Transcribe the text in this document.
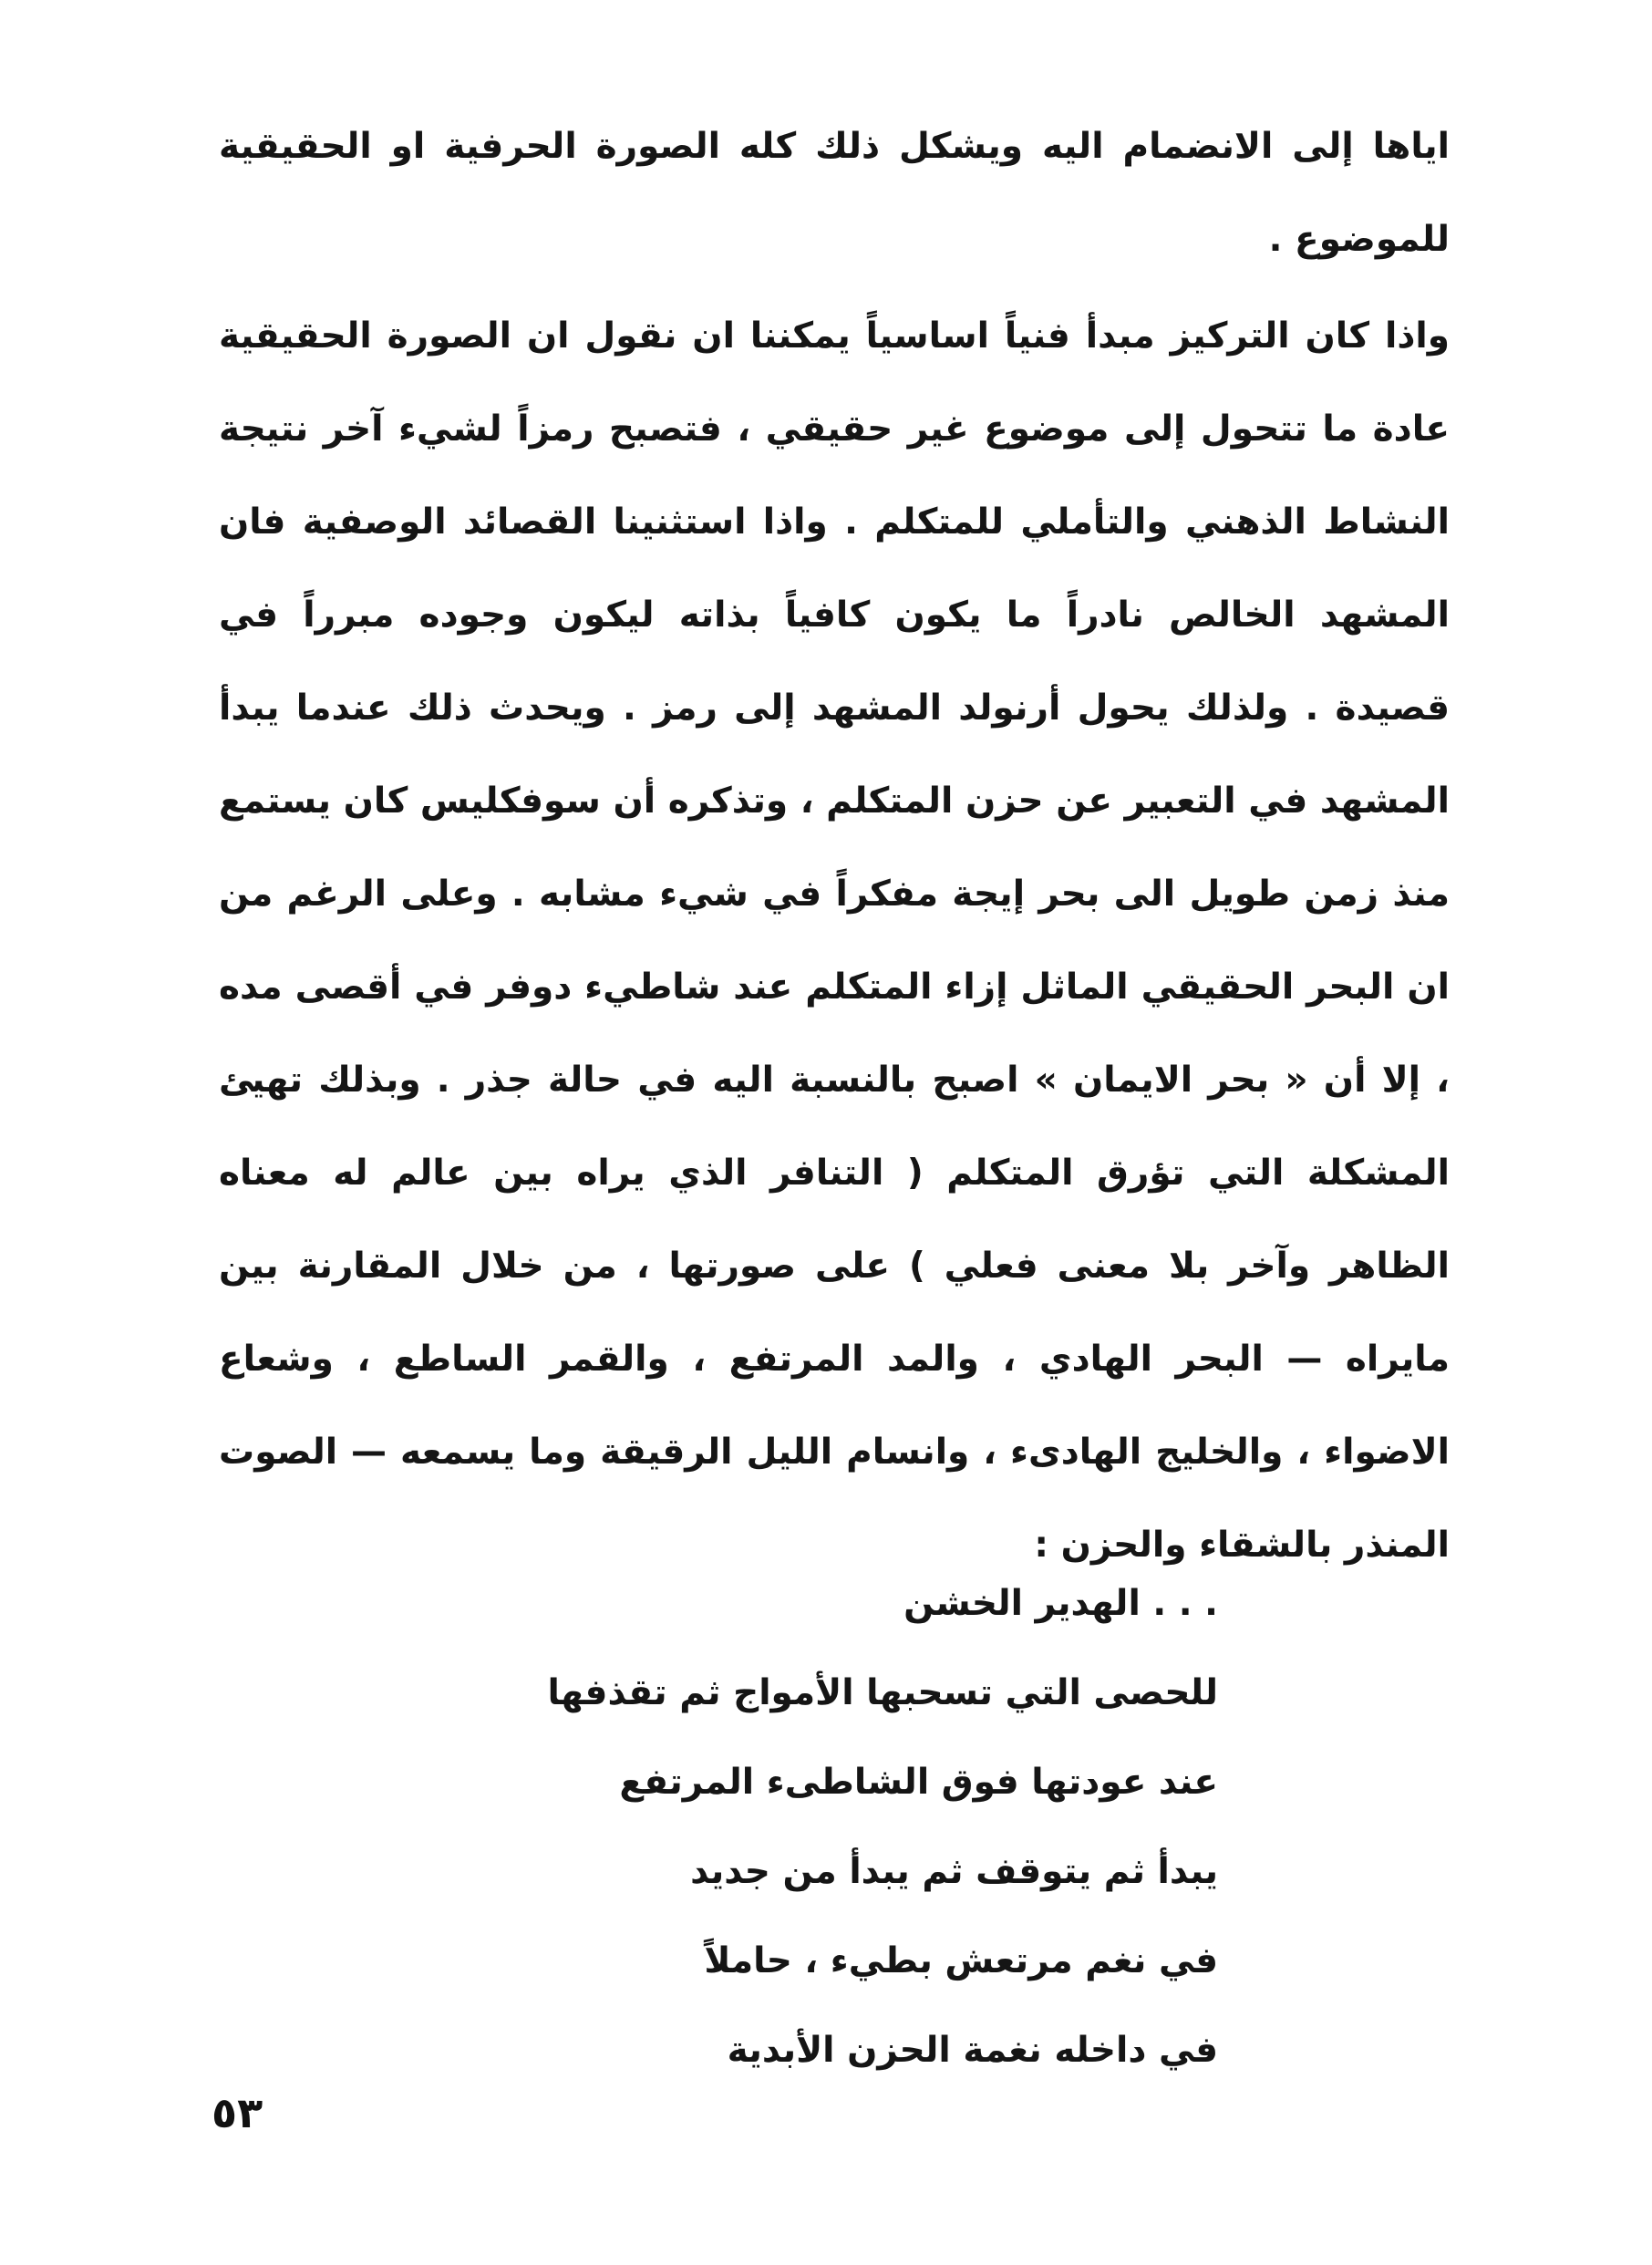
اياها إلى الانضمام اليه ويشكل ذلك كله الصورة الحرفية او الحقيقية للموضوع .

واذا كان التركيز مبدأ فنياً اساسياً يمكننا ان نقول ان الصورة الحقيقية عادة ما تتحول إلى موضوع غير حقيقي ، فتصبح رمزاً لشيء آخر نتيجة النشاط الذهني والتأملي للمتكلم . واذا استثنينا القصائد الوصفية فان المشهد الخالص نادراً ما يكون كافياً بذاته ليكون وجوده مبرراً في قصيدة . ولذلك يحول أرنولد المشهد إلى رمز . ويحدث ذلك عندما يبدأ المشهد في التعبير عن حزن المتكلم ، وتذكره أن سوفكليس كان يستمع منذ زمن طويل الى بحر إيجة مفكراً في شيء مشابه . وعلى الرغم من ان البحر الحقيقي الماثل إزاء المتكلم عند شاطيء دوفر في أقصى مده ، إلا أن « بحر الايمان » اصبح بالنسبة اليه في حالة جذر . وبذلك تهيئ المشكلة التي تؤرق المتكلم ( التنافر الذي يراه بين عالم له معناه الظاهر وآخر بلا معنى فعلي ) على صورتها ، من خلال المقارنة بين مايراه — البحر الهادي ، والمد المرتفع ، والقمر الساطع ، وشعاع الاضواء ، والخليج الهادىء ، وانسام الليل الرقيقة وما يسمعه — الصوت المنذر بالشقاء والحزن :

. . . الهدير الخشن
للحصى التي تسحبها الأمواج ثم تقذفها
عند عودتها فوق الشاطىء المرتفع
يبدأ ثم يتوقف ثم يبدأ من جديد
في نغم مرتعش بطيء ، حاملاً
في داخله نغمة الحزن الأبدية
٥٣
